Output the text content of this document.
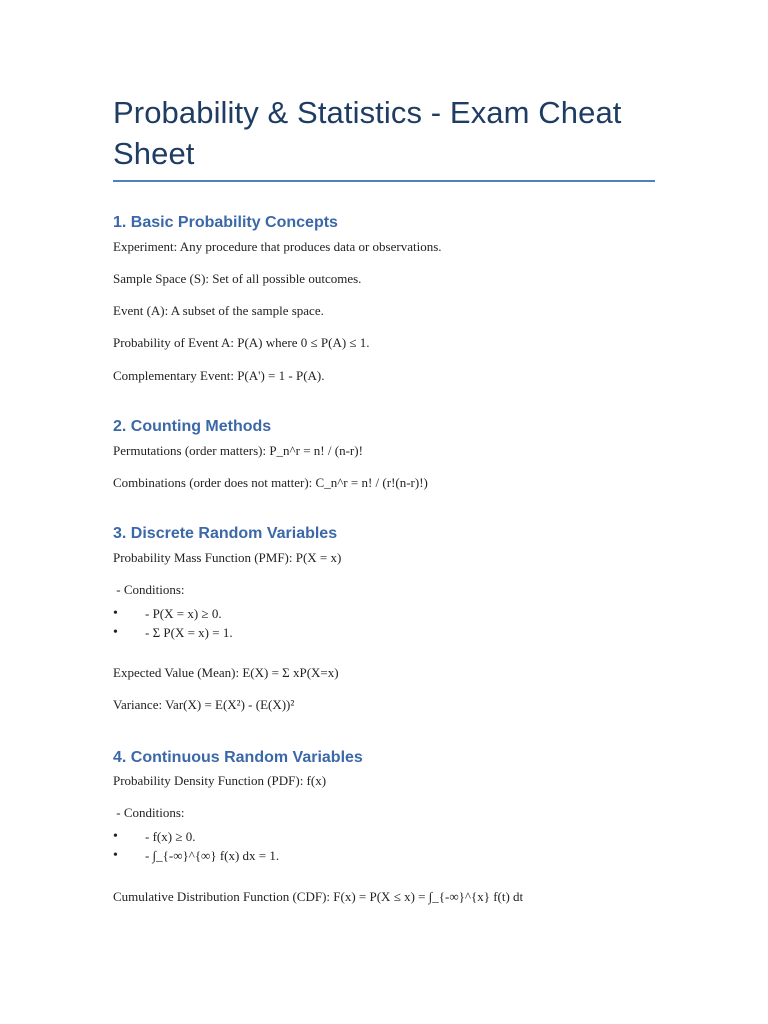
Probability & Statistics - Exam Cheat
Sheet
1. Basic Probability Concepts

Experiment: Any procedure that produces data or observations.

Sample Space (S): Set of all possible outcomes.

Event (A): A subset of the sample space.

Probability of Event A: P(A) where 0 ≤ P(A) ≤ 1.

Complementary Event: P(A') = 1 - P(A).

2. Counting Methods

Permutations (order matters): P_n^r = n! / (n-r)!

Combinations (order does not matter): C_n^r = n! / (r!(n-r)!)

3. Discrete Random Variables

Probability Mass Function (PMF): P(X = x)

- Conditions:

• - P(X = x) ≥ 0.
• - Σ P(X = x) = 1.

Expected Value (Mean): E(X) = Σ xP(X=x)

Variance: Var(X) = E(X²) - (E(X))²

4. Continuous Random Variables

Probability Density Function (PDF): f(x)

- Conditions:

• - f(x) ≥ 0.
• - ∫_{-∞}^{∞} f(x) dx = 1.

Cumulative Distribution Function (CDF): F(x) = P(X ≤ x) = ∫_{-∞}^{x} f(t) dt
